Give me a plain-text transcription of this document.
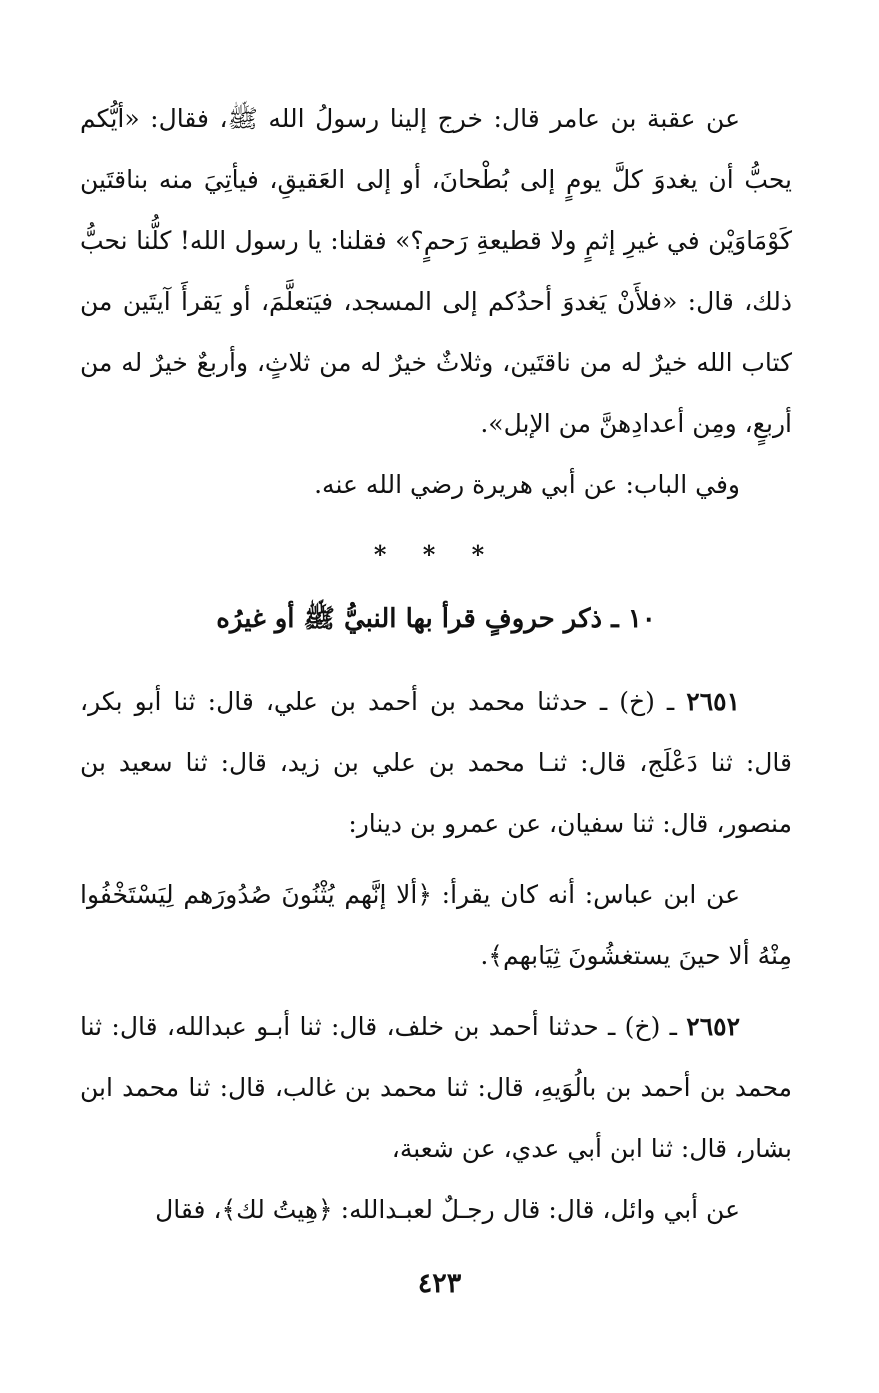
عن عقبة بن عامر قال: خرج إلينا رسولُ الله ﷺ، فقال: «أيُّكم يحبُّ أن يغدوَ كلَّ يومٍ إلى بُطْحانَ، أو إلى العَقيقِ، فيأتِيَ منه بناقتَين كَوْمَاوَيْن في غيرِ إثمٍ ولا قطيعةِ رَحمٍ؟» فقلنا: يا رسول الله! كلُّنا نحبُّ ذلك، قال: «فلأَنْ يَغدوَ أحدُكم إلى المسجد، فيَتعلَّمَ، أو يَقرأَ آيتَين من كتاب الله خيرٌ له من ناقتَين، وثلاثٌ خيرٌ له من ثلاثٍ، وأربعٌ خيرٌ له من أربعٍ، ومِن أعدادِهنَّ من الإبل».

وفي الباب: عن أبي هريرة رضي الله عنه.

* * *
١٠ ـ ذكر حروفٍ قرأ بها النبيُّ ﷺ أو غيرُه

٢٦٥١ ـ (خ) ـ حدثنا محمد بن أحمد بن علي، قال: ثنا أبو بكر، قال: ثنا دَعْلَج، قال: ثنـا محمد بن علي بن زيد، قال: ثنا سعيد بن منصور، قال: ثنا سفيان، عن عمرو بن دينار:

عن ابن عباس: أنه كان يقرأ: ﴿ألا إنَّهم يُثْنُونَ صُدُورَهم لِيَسْتَخْفُوا مِنْهُ ألا حينَ يستغشُونَ ثِيَابهم﴾.

٢٦٥٢ ـ (خ) ـ حدثنا أحمد بن خلف، قال: ثنا أبـو عبدالله، قال: ثنا محمد بن أحمد بن بالُوَيهِ، قال: ثنا محمد بن غالب، قال: ثنا محمد ابن بشار، قال: ثنا ابن أبي عدي، عن شعبة،

عن أبي وائل، قال: قال رجـلٌ لعبـدالله: ﴿هِيتُ لك﴾، فقال

٤٢٣
